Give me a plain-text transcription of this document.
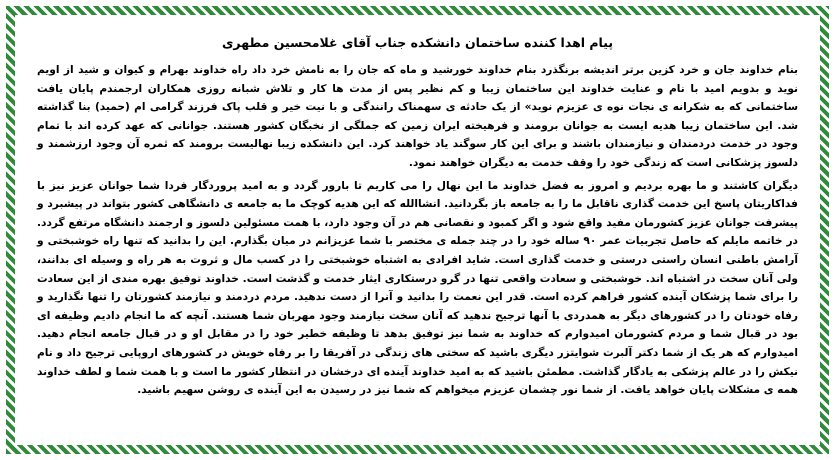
پیام اهدا کننده ساختمان دانشکده جناب آقای غلامحسین مطهری

بنام خداوند جان و خرد کزین برتر اندیشه برنگذرد بنام خداوند خورشید و ماه که جان را به نامش خرد داد راه خداوند بهرام و کیوان و شید از اویم نوید و بدویم امید با نام و عنایت خداوند این ساختمان زیبا و کم نظیر پس از مدت ها کار و تلاش شبانه روزی همکاران ارجمندم پایان یافت ساختمانی که به شکرانه ی نجات نوه ی عزیزم نوید» از یک حادثه ی سهمناک رانندگی و با نیت خیر و قلب پاک فرزند گرامی ام (حمید) بنا گذاشته شد. این ساختمان زیبا هدیه ایست به جوانان برومند و فرهیخته ایران زمین که جملگی از نخبگان کشور هستند. جوانانی که عهد کرده اند با تمام وجود در خدمت دردمندان و نیازمندان باشند و برای این کار سوگند یاد خواهند کرد. این دانشکده زیبا نهالیست برومند که ثمره آن وجود ارزشمند و دلسوز پزشکانی است که زندگی خود را وقف خدمت به دیگران خواهند نمود.

دیگران کاشتند و ما بهره بردیم و امروز به فضل خداوند ما این نهال را می کاریم تا بارور گردد و به امید پروردگار فردا شما جوانان عزیز نیز با فداکاریتان پاسخ این خدمت گذاری ناقابل ما را به جامعه باز بگردانید. انشاالله که این هدیه کوچک ما به جامعه ی دانشگاهی کشور بتواند در پیشبرد و پیشرفت جوانان عزیز کشورمان مفید واقع شود و اگر کمبود و نقصانی هم در آن وجود دارد، با همت مسئولین دلسوز و ارجمند دانشگاه مرتفع گردد. در خاتمه مایلم که حاصل تجربیات عمر ۹۰ ساله خود را در چند جمله ی مختصر با شما عزیزانم در میان بگذارم. این را بدانید که تنها راه خوشبختی و آرامش باطنی انسان راستی درستی و خدمت گذاری است. شاید افرادی به اشتباه خوشبختی را در کسب مال و ثروت به هر راه و وسیله ای بدانند، ولی آنان سخت در اشتباه اند. خوشبختی و سعادت واقعی تنها در گرو درستکاری ایثار خدمت و گذشت است. خداوند توفیق بهره مندی از این سعادت را برای شما پزشکان آینده کشور فراهم کرده است. قدر این نعمت را بدانید و آنرا از دست ندهید. مردم دردمند و نیازمند کشورتان را تنها نگذارید و رفاه خودتان را در کشورهای دیگر به همدردی با آنها ترجیح ندهید که آنان سخت نیازمند وجود مهربان شما هستند. آنچه که ما انجام دادیم وظیفه ای بود در قبال شما و مردم کشورمان امیدوارم که خداوند به شما نیز توفیق بدهد تا وظیفه خطیر خود را در مقابل او و در قبال جامعه انجام دهید. امیدوارم که هر یک از شما دکتر آلبرت شوایتزر دیگری باشید که سختی های زندگی در آفریقا را بر رفاه خویش در کشورهای اروپایی ترجیح داد و نام نیکش را در عالم پزشکی به یادگار گذاشت. مطمئن باشید که به امید خداوند آینده ای درخشان در انتظار کشور ما است و با همت شما و لطف خداوند همه ی مشکلات پایان خواهد یافت. از شما نور چشمان عزیزم میخواهم که شما نیز در رسیدن به این آینده ی روشن سهیم باشید.
